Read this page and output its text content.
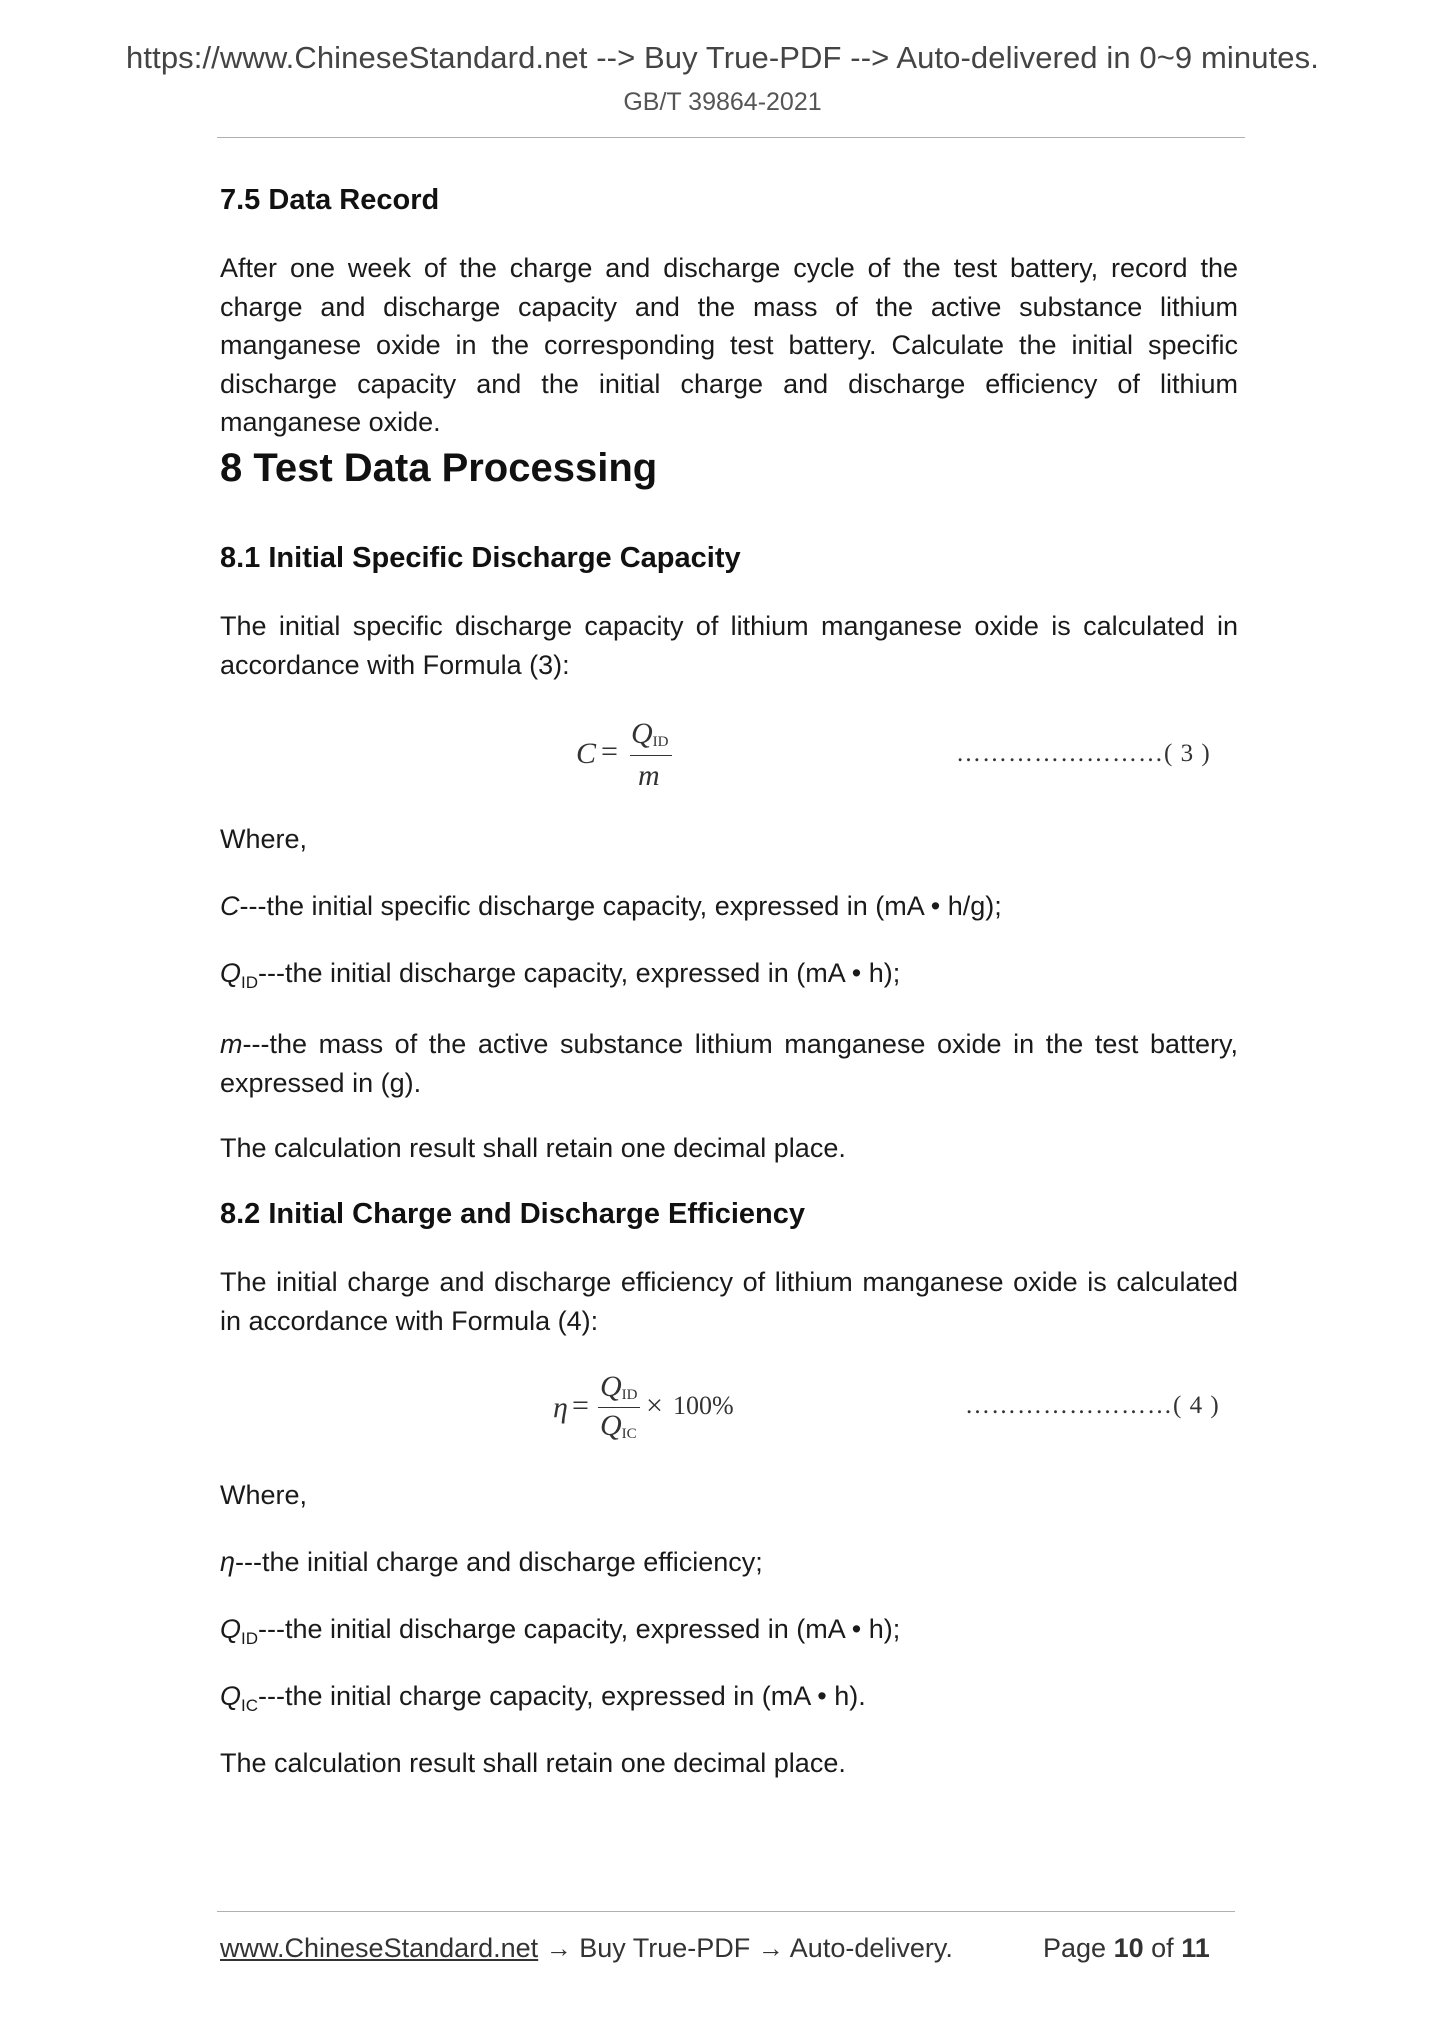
https://www.ChineseStandard.net --> Buy True-PDF --> Auto-delivered in 0~9 minutes.
GB/T 39864-2021
7.5 Data Record
After one week of the charge and discharge cycle of the test battery, record the charge and discharge capacity and the mass of the active substance lithium manganese oxide in the corresponding test battery. Calculate the initial specific discharge capacity and the initial charge and discharge efficiency of lithium manganese oxide.
8 Test Data Processing
8.1 Initial Specific Discharge Capacity
The initial specific discharge capacity of lithium manganese oxide is calculated in accordance with Formula (3):
C =
QID
m
……………………( 3 )
Where,
C---the initial specific discharge capacity, expressed in (mA • h/g);
$Q_{ID}--$-the initial discharge capacity, expressed in (mA • h);
m---the mass of the active substance lithium manganese oxide in the test battery, expressed in (g).
The calculation result shall retain one decimal place.
8.2 Initial Charge and Discharge Efficiency
The initial charge and discharge efficiency of lithium manganese oxide is calculated in accordance with Formula (4):
η =
QID
QIC
× 100%	……………………( 4 )
Where,
η---the initial charge and discharge efficiency;
$Q_{ID}--$-the initial discharge capacity, expressed in (mA • h);
$Q_{IC}--$-the initial charge capacity, expressed in (mA • h).
The calculation result shall retain one decimal place.
www.ChineseStandard.net → Buy True-PDF → Auto-delivery.	Page 10 of 11
